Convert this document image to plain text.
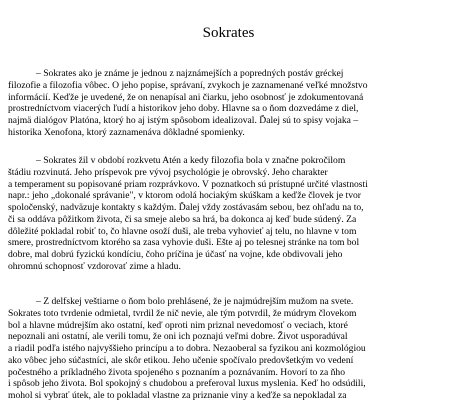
Sokrates

– Sokrates ako je známe je jednou z najznámejších a popredných postáv gréckej
filozofie a filozofia vôbec. O jeho popise, správaní, zvykoch je zaznamenané veľké množstvo
informácií. Keďže je uvedené, že on nenapísal ani čiarku, jeho osobnosť je zdokumentovaná
prostredníctvom viacerých ľudí a historikov jeho doby. Hlavne sa o ňom dozvedáme z diel,
najmä dialógov Platóna, ktorý ho aj istým spôsobom idealizoval. Ďalej sú to spisy vojaka –
historika Xenofona, ktorý zaznamenáva dôkladné spomienky.

– Sokrates žil v období rozkvetu Atén a kedy filozofia bola v značne pokročilom
štádiu rozvinutá. Jeho príspevok pre vývoj psychológie je obrovský. Jeho charakter
a temperament su popisované priam rozprávkovo. V poznatkoch sú prístupné určité vlastnosti
napr.: jeho „dokonalé správanie", v ktorom odolá hociakým skúškam a keďže človek je tvor
spoločenský, nadväzuje kontakty s každým. Ďalej vždy zostávasám sebou, bez ohľadu na to,
či sa oddáva pôžitkom života, či sa smeje alebo sa hrá, ba dokonca aj keď bude súdený. Za
dôležité pokladal robiť to, čo hlavne osoží duši, ale treba vyhovieť aj telu, no hlavne v tom
smere, prostredníctvom ktorého sa zasa vyhovie duši. Ešte aj po telesnej stránke na tom bol
dobre, mal dobrú fyzickú kondíciu, čoho príčina je účasť na vojne, kde obdivovali jeho
ohromnú schopnosť vzdorovať zime a hladu.

– Z delfskej veštiarne o ňom bolo prehlásené, že je najmúdrejším mužom na svete.
Sokrates toto tvrdenie odmietal, tvrdil že nič nevie, ale tým potvrdil, že múdrym človekom
bol a hlavne múdrejším ako ostatní, keď oproti nim priznal nevedomosť o veciach, ktoré
nepoznali ani ostatní, ale verili tomu, že oni ich poznajú veľmi dobre. Život usporadúval
a riadil podľa istého najvyššieho princípu a to dobra. Nezaoberal sa fyzikou ani kozmológiou
ako vôbec jeho súčastníci, ale skôr etikou. Jeho učenie spočívalo predovšetkým vo vedení
počestného a príkladného života spojeného s poznaním a poznávaním. Hovorí to za ňho
i spôsob jeho života. Bol spokojný s chudobou a preferoval luxus myslenia. Keď ho odsúdili,
mohol si vybrať útek, ale to pokladal vlastne za priznanie viny a keďže sa nepokladal za
